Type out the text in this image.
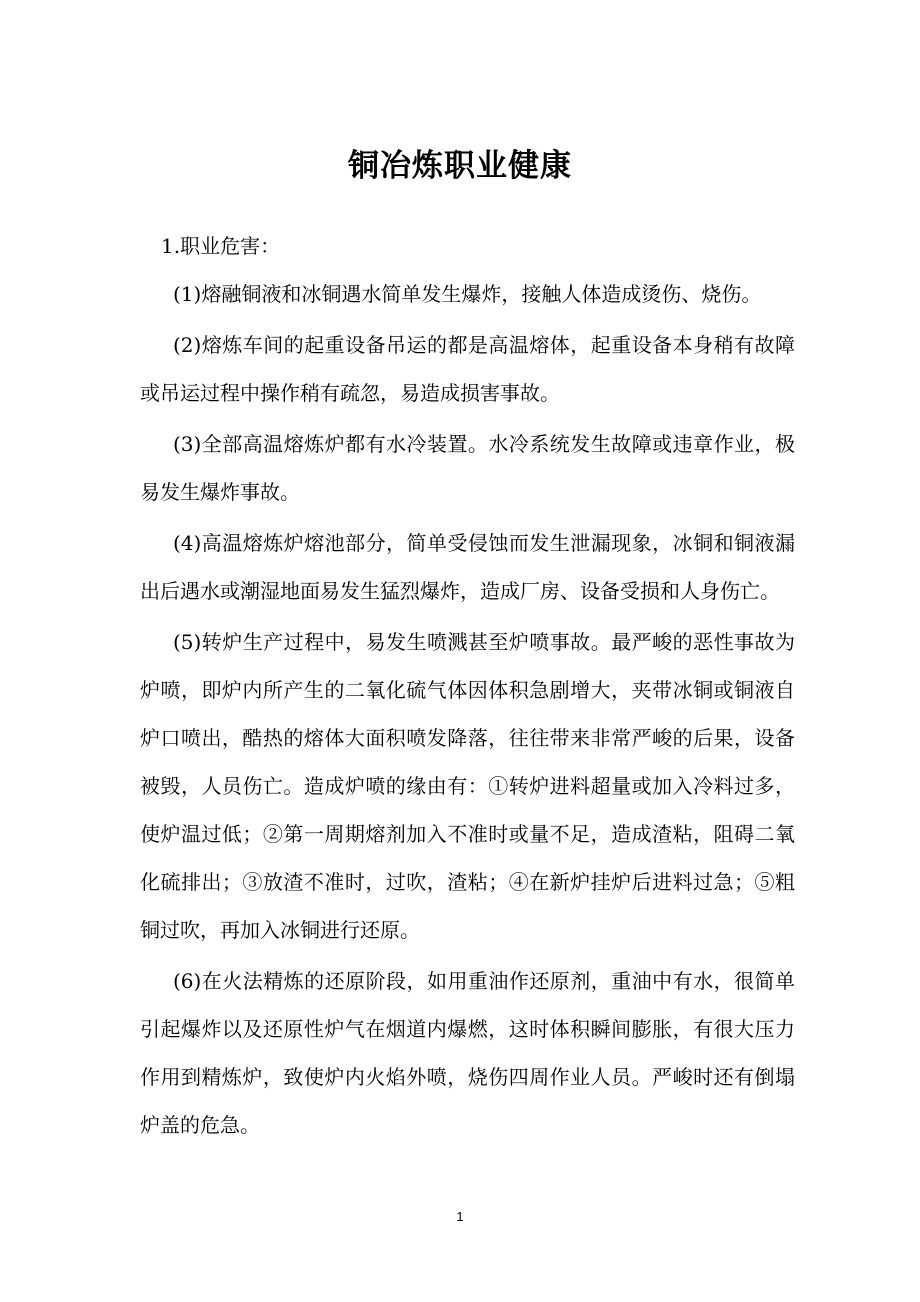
铜冶炼职业健康

1.职业危害：

(1)熔融铜液和冰铜遇水简单发生爆炸，接触人体造成烫伤、烧伤。

(2)熔炼车间的起重设备吊运的都是高温熔体，起重设备本身稍有故障或吊运过程中操作稍有疏忽，易造成损害事故。

(3)全部高温熔炼炉都有水冷装置。水冷系统发生故障或违章作业，极易发生爆炸事故。

(4)高温熔炼炉熔池部分，简单受侵蚀而发生泄漏现象，冰铜和铜液漏出后遇水或潮湿地面易发生猛烈爆炸，造成厂房、设备受损和人身伤亡。

(5)转炉生产过程中，易发生喷溅甚至炉喷事故。最严峻的恶性事故为炉喷，即炉内所产生的二氧化硫气体因体积急剧增大，夹带冰铜或铜液自炉口喷出，酷热的熔体大面积喷发降落，往往带来非常严峻的后果，设备被毁，人员伤亡。造成炉喷的缘由有：①转炉进料超量或加入冷料过多，使炉温过低；②第一周期熔剂加入不准时或量不足，造成渣粘，阻碍二氧化硫排出；③放渣不准时，过吹，渣粘；④在新炉挂炉后进料过急；⑤粗铜过吹，再加入冰铜进行还原。

(6)在火法精炼的还原阶段，如用重油作还原剂，重油中有水，很简单引起爆炸以及还原性炉气在烟道内爆燃，这时体积瞬间膨胀，有很大压力作用到精炼炉，致使炉内火焰外喷，烧伤四周作业人员。严峻时还有倒塌炉盖的危急。

1
